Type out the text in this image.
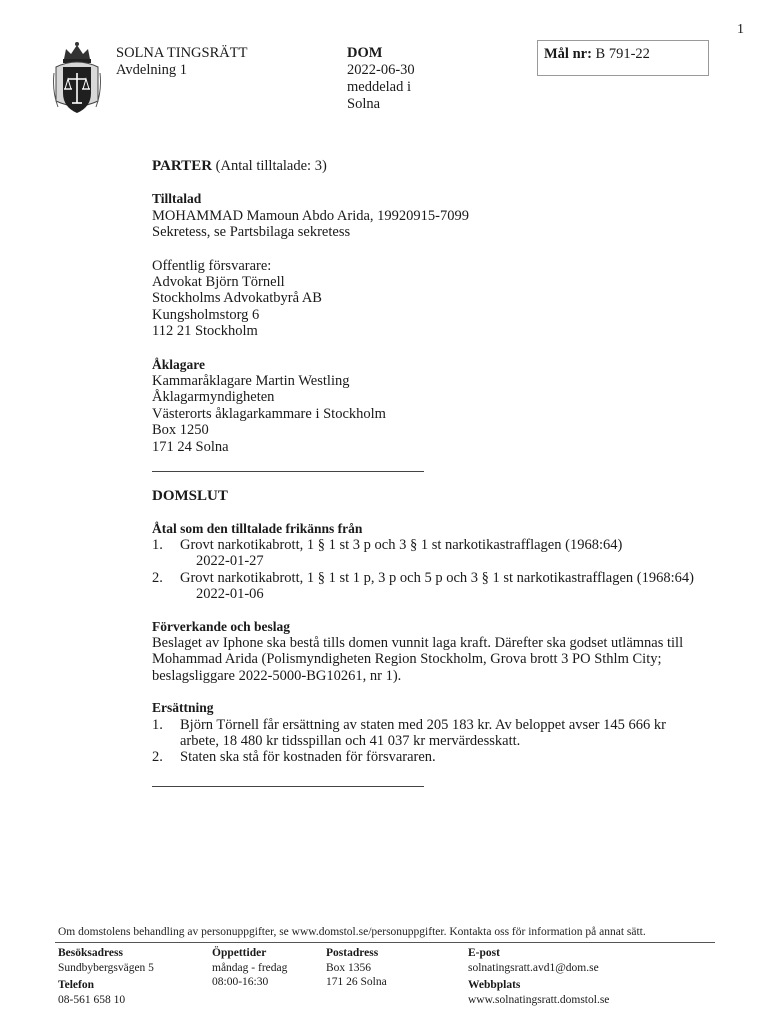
1
SOLNA TINGSRÄTT
Avdelning 1
DOM
2022-06-30
meddelad i
Solna
Mål nr: B 791-22
PARTER (Antal tilltalade: 3)
Tilltalad
MOHAMMAD Mamoun Abdo Arida, 19920915-7099
Sekretess, se Partsbilaga sekretess
Offentlig försvarare:
Advokat Björn Törnell
Stockholms Advokatbyrå AB
Kungsholmstorg 6
112 21 Stockholm
Åklagare
Kammaråklagare Martin Westling
Åklagarmyndigheten
Västerorts åklagarkammare i Stockholm
Box 1250
171 24 Solna
DOMSLUT
Åtal som den tilltalade frikänns från
1.	Grovt narkotikabrott, 1 § 1 st 3 p och 3 § 1 st narkotikastrafflagen (1968:64)
2022-01-27
2.	Grovt narkotikabrott, 1 § 1 st 1 p, 3 p och 5 p och 3 § 1 st narkotikastrafflagen (1968:64)
2022-01-06
Förverkande och beslag
Beslaget av Iphone ska bestå tills domen vunnit laga kraft. Därefter ska godset utlämnas till Mohammad Arida (Polismyndigheten Region Stockholm, Grova brott 3 PO Sthlm City; beslagsliggare 2022-5000-BG10261, nr 1).
Ersättning
1.	Björn Törnell får ersättning av staten med 205 183 kr. Av beloppet avser 145 666 kr arbete, 18 480 kr tidsspillan och 41 037 kr mervärdesskatt.
2.	Staten ska stå för kostnaden för försvararen.
Om domstolens behandling av personuppgifter, se www.domstol.se/personuppgifter. Kontakta oss för information på annat sätt.
Besöksadress
Sundbybergsvägen 5
Telefon
08-561 658 10
Öppettider
måndag - fredag
08:00-16:30
Postadress
Box 1356
171 26 Solna
E-post
solnatingsratt.avd1@dom.se
Webbplats
www.solnatingsratt.domstol.se
